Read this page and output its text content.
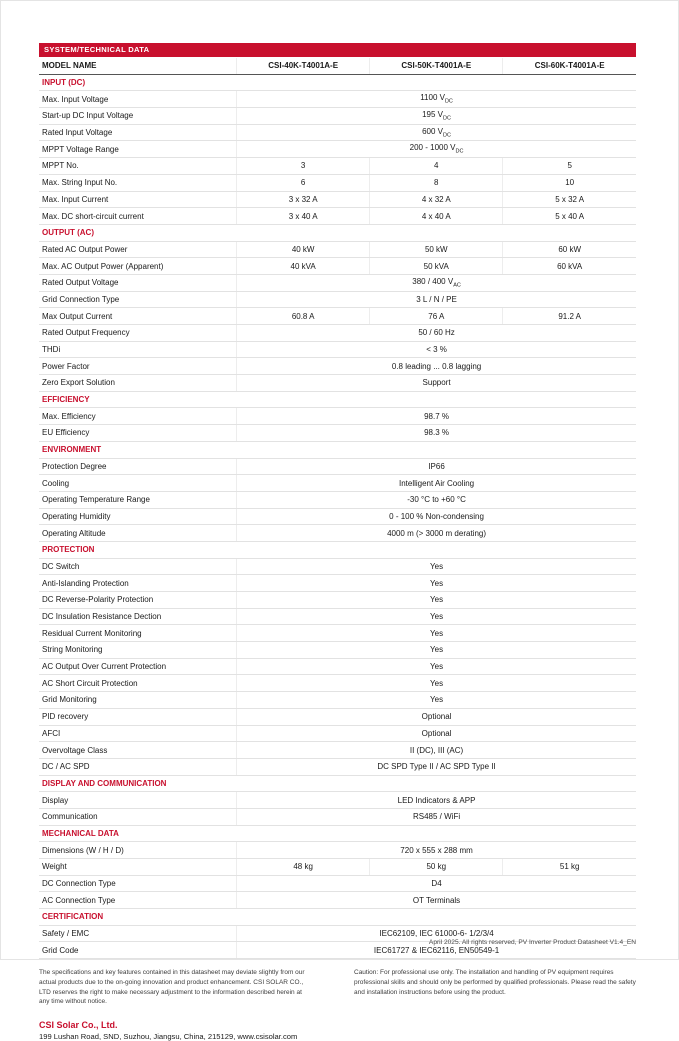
SYSTEM/TECHNICAL DATA
MODEL NAME	CSI-40K-T4001A-E	CSI-50K-T4001A-E	CSI-60K-T4001A-E
INPUT (DC)			
Max. Input Voltage	1100 $V_{DC}$
Start-up DC Input Voltage	195 $V_{DC}$
Rated Input Voltage	600 $V_{DC}$
MPPT Voltage Range	200 - 1000 $V_{DC}$
MPPT No.	3	4	5
Max. String Input No.	6	8	10
Max. Input Current	3 x 32 A	4 x 32 A	5 x 32 A
Max. DC short-circuit current	3 x 40 A	4 x 40 A	5 x 40 A
OUTPUT (AC)			
Rated AC Output Power	40 kW	50 kW	60 kW
Max. AC Output Power (Apparent)	40 kVA	50 kVA	60 kVA
Rated Output Voltage	380 / 400 $V_{AC}$
Grid Connection Type	3 L / N / PE		
Max Output Current	60.8 A	76 A	91.2 A
Rated Output Frequency	50 / 60 Hz		
THDi	< 3 %		
Power Factor	0.8 leading ... 0.8 lagging		
Zero Export Solution	Support		
EFFICIENCY			
Max. Efficiency	98.7 %		
EU Efficiency	98.3 %		
ENVIRONMENT			
Protection Degree	IP66		
Cooling	Intelligent Air Cooling		
Operating Temperature Range	-30 °C to +60 °C		
Operating Humidity	0 - 100 % Non-condensing		
Operating Altitude	4000 m (> 3000 m derating)		
PROTECTION			
DC Switch	Yes		
Anti-Islanding Protection	Yes		
DC Reverse-Polarity Protection	Yes		
DC Insulation Resistance Dection	Yes		
Residual Current Monitoring	Yes		
String Monitoring	Yes		
AC Output Over Current Protection	Yes		
AC Short Circuit Protection	Yes		
Grid Monitoring	Yes		
PID recovery	Optional		
AFCI	Optional		
Overvoltage Class	II (DC), III (AC)		
DC / AC SPD	DC SPD Type II / AC SPD Type II		
DISPLAY AND COMMUNICATION			
Display	LED Indicators & APP		
Communication	RS485 / WiFi		
MECHANICAL DATA			
Dimensions (W / H / D)	720 x 555 x 288 mm		
Weight	48 kg	50 kg	51 kg
DC Connection Type	D4		
AC Connection Type	OT Terminals		
CERTIFICATION			
Safety / EMC	IEC62109, IEC 61000-6- 1/2/3/4		
Grid Code	IEC61727 & IEC62116, EN50549-1		
The specifications and key features contained in this datasheet may deviate slightly from our actual products due to the on-going innovation and product enhancement. CSI SOLAR CO., LTD reserves the right to make necessary adjustment to the information described herein at any time without notice.
Caution: For professional use only. The installation and handling of PV equipment requires professional skills and should only be performed by qualified professionals. Please read the safety and installation instructions before using the product.
CSI Solar Co., Ltd.
199 Lushan Road, SND, Suzhou, Jiangsu, China, 215129, www.csisolar.com
April 2025. All rights reserved, PV Inverter Product Datasheet V1.4_EN
